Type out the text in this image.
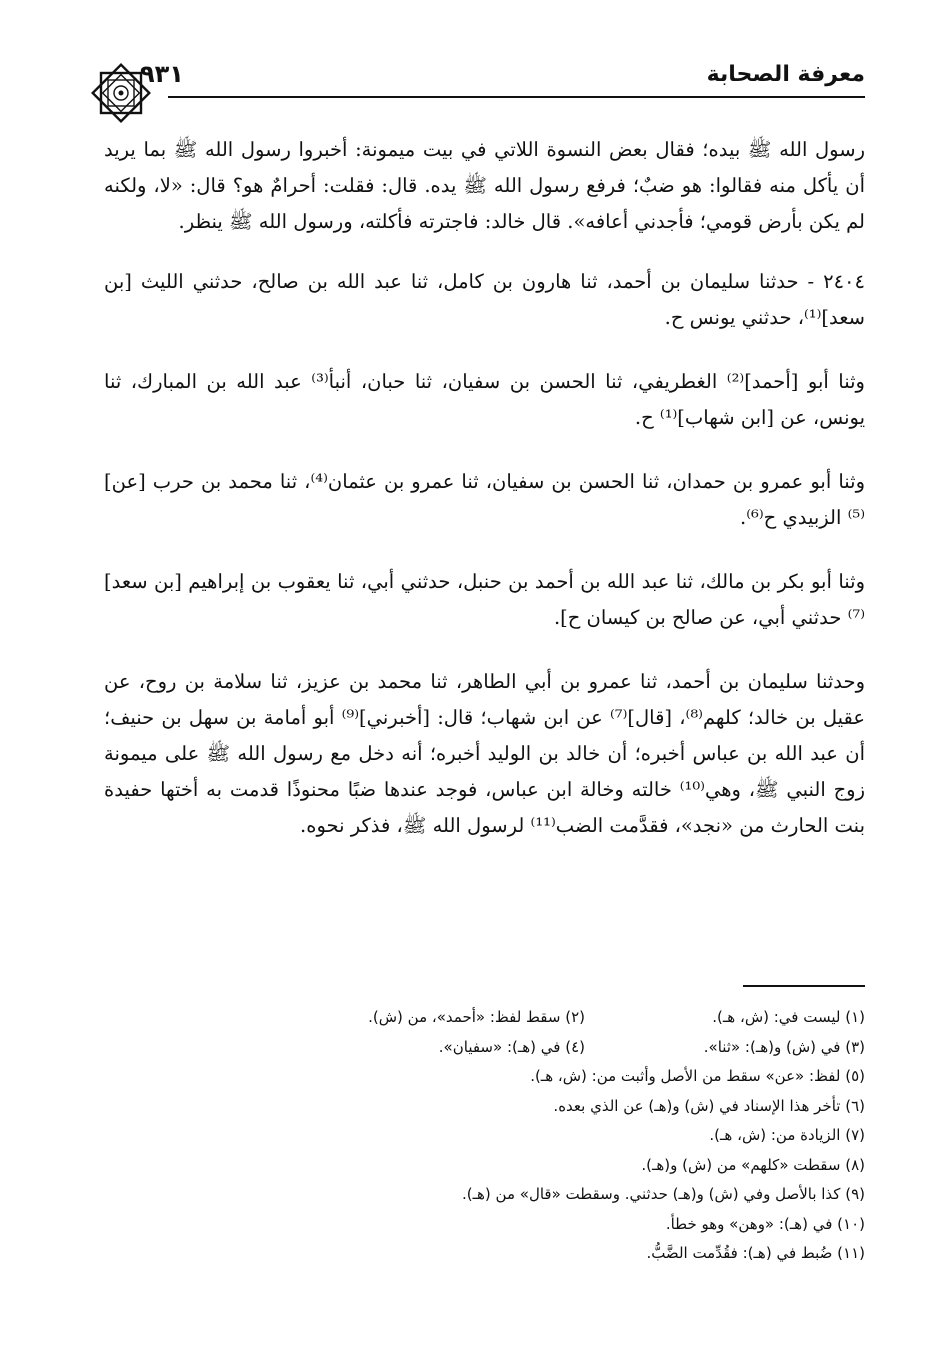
معرفة الصحابة
٩٣١

رسول الله ﷺ بيده؛ فقال بعض النسوة اللاتي في بيت ميمونة: أخبروا رسول الله ﷺ بما يريد أن يأكل منه فقالوا: هو ضبٌ؛ فرفع رسول الله ﷺ يده. قال: فقلت: أحرامٌ هو؟ قال: «لا، ولكنه لم يكن بأرض قومي؛ فأجدني أعافه». قال خالد: فاجترته فأكلته، ورسول الله ﷺ ينظر.

٢٤٠٤ - حدثنا سليمان بن أحمد، ثنا هارون بن كامل، ثنا عبد الله بن صالح، حدثني الليث [بن سعد]⁽¹⁾، حدثني يونس ح.

وثنا أبو [أحمد]⁽²⁾ الغطريفي، ثنا الحسن بن سفيان، ثنا حبان، أنبأ⁽³⁾ عبد الله بن المبارك، ثنا يونس، عن [ابن شهاب]⁽¹⁾ ح.

وثنا أبو عمرو بن حمدان، ثنا الحسن بن سفيان، ثنا عمرو بن عثمان⁽⁴⁾، ثنا محمد بن حرب [عن]⁽⁵⁾ الزبيدي ح⁽⁶⁾.

وثنا أبو بكر بن مالك، ثنا عبد الله بن أحمد بن حنبل، حدثني أبي، ثنا يعقوب بن إبراهيم [بن سعد]⁽⁷⁾ حدثني أبي، عن صالح بن كيسان ح].

وحدثنا سليمان بن أحمد، ثنا عمرو بن أبي الطاهر، ثنا محمد بن عزيز، ثنا سلامة بن روح، عن عقيل بن خالد؛ كلهم⁽⁸⁾، [قال]⁽⁷⁾ عن ابن شهاب؛ قال: [أخبرني]⁽⁹⁾ أبو أمامة بن سهل بن حنيف؛ أن عبد الله بن عباس أخبره؛ أن خالد بن الوليد أخبره؛ أنه دخل مع رسول الله ﷺ على ميمونة زوج النبي ﷺ، وهي⁽¹⁰⁾ خالته وخالة ابن عباس، فوجد عندها ضبًا محنوذًا قدمت به أختها حفيدة بنت الحارث من «نجد»، فقدَّمت الضب⁽¹¹⁾ لرسول الله ﷺ، فذكر نحوه.

(١) ليست في: (ش، هـ).
(٢) سقط لفظ: «أحمد»، من (ش).
(٣) في (ش) و(هـ): «ثنا».
(٤) في (هـ): «سفيان».
(٥) لفظ: «عن» سقط من الأصل وأثبت من: (ش، هـ).
(٦) تأخر هذا الإسناد في (ش) و(هـ) عن الذي بعده.
(٧) الزيادة من: (ش، هـ).
(٨) سقطت «كلهم» من (ش) و(هـ).
(٩) كذا بالأصل وفي (ش) و(هـ) حدثني. وسقطت «قال» من (هـ).
(١٠) في (هـ): «وهن» وهو خطأ.
(١١) ضُبط في (هـ): فقُدِّمت الضَّبُّ.
